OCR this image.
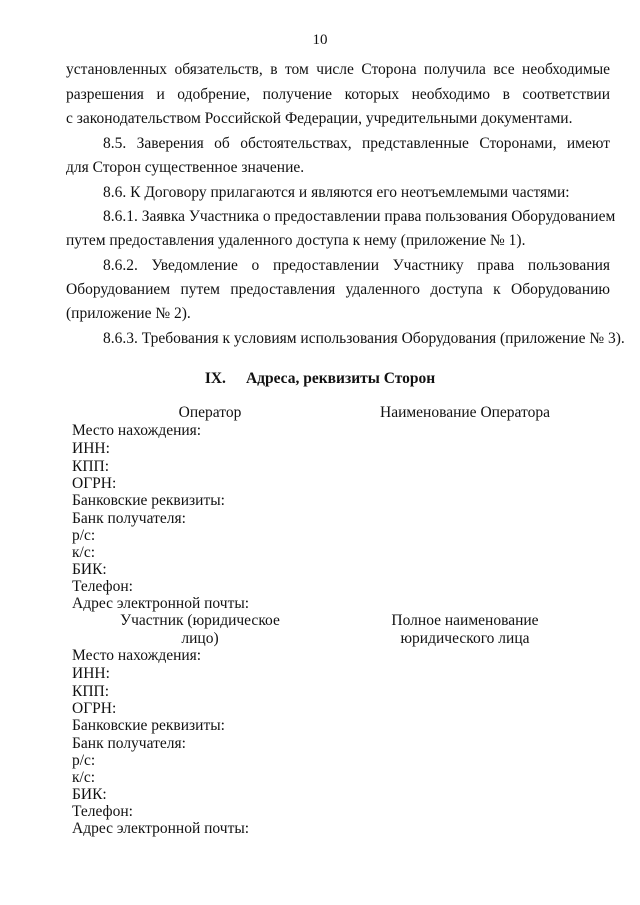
10
установленных обязательств, в том числе Сторона получила все необходимые
разрешения и одобрение, получение которых необходимо в соответствии
с законодательством Российской Федерации, учредительными документами.
8.5. Заверения об обстоятельствах, представленные Сторонами, имеют
для Сторон существенное значение.
8.6. К Договору прилагаются и являются его неотъемлемыми частями:
8.6.1. Заявка Участника о предоставлении права пользования Оборудованием
путем предоставления удаленного доступа к нему (приложение № 1).
8.6.2. Уведомление о предоставлении Участнику права пользования
Оборудованием путем предоставления удаленного доступа к Оборудованию
(приложение № 2).
8.6.3. Требования к условиям использования Оборудования (приложение № 3).
IX. Адреса, реквизиты Сторон
Оператор	Наименование Оператора
Место нахождения:
ИНН:
КПП:
ОГРН:
Банковские реквизиты:
Банк получателя:
р/с:
к/с:
БИК:
Телефон:
Адрес электронной почты:
Участник (юридическое лицо)
Полное наименование
юридического лица
Место нахождения:
ИНН:
КПП:
ОГРН:
Банковские реквизиты:
Банк получателя:
р/с:
к/с:
БИК:
Телефон:
Адрес электронной почты:
